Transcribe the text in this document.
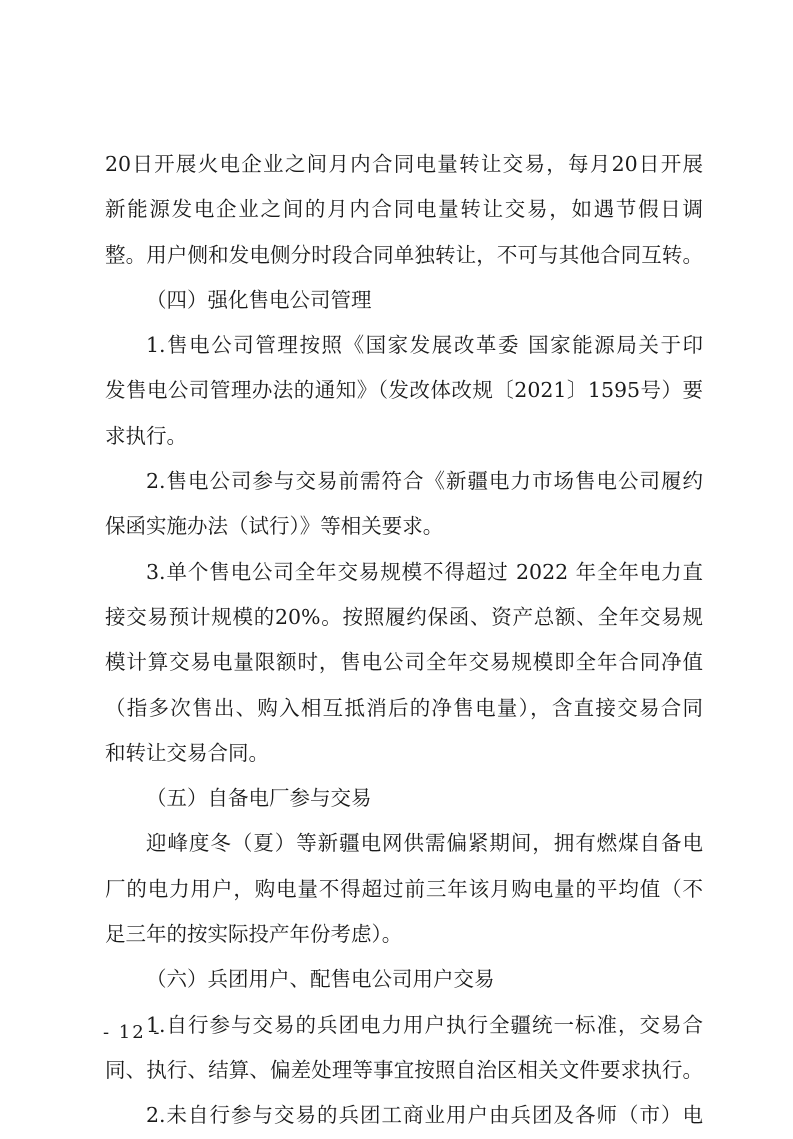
20日开展火电企业之间月内合同电量转让交易，每月20日开展
新能源发电企业之间的月内合同电量转让交易，如遇节假日调
整。用户侧和发电侧分时段合同单独转让，不可与其他合同互转。
（四）强化售电公司管理
1.售电公司管理按照《国家发展改革委 国家能源局关于印
发售电公司管理办法的通知》（发改体改规〔2021〕1595号）要
求执行。
2.售电公司参与交易前需符合《新疆电力市场售电公司履约
保函实施办法（试行）》等相关要求。
3.单个售电公司全年交易规模不得超过 2022 年全年电力直
接交易预计规模的20%。按照履约保函、资产总额、全年交易规
模计算交易电量限额时，售电公司全年交易规模即全年合同净值
（指多次售出、购入相互抵消后的净售电量），含直接交易合同
和转让交易合同。
（五）自备电厂参与交易
迎峰度冬（夏）等新疆电网供需偏紧期间，拥有燃煤自备电
厂的电力用户，购电量不得超过前三年该月购电量的平均值（不
足三年的按实际投产年份考虑）。
（六）兵团用户、配售电公司用户交易
1.自行参与交易的兵团电力用户执行全疆统一标准，交易合
同、执行、结算、偏差处理等事宜按照自治区相关文件要求执行。
2.未自行参与交易的兵团工商业用户由兵团及各师（市）电
- 12 -
